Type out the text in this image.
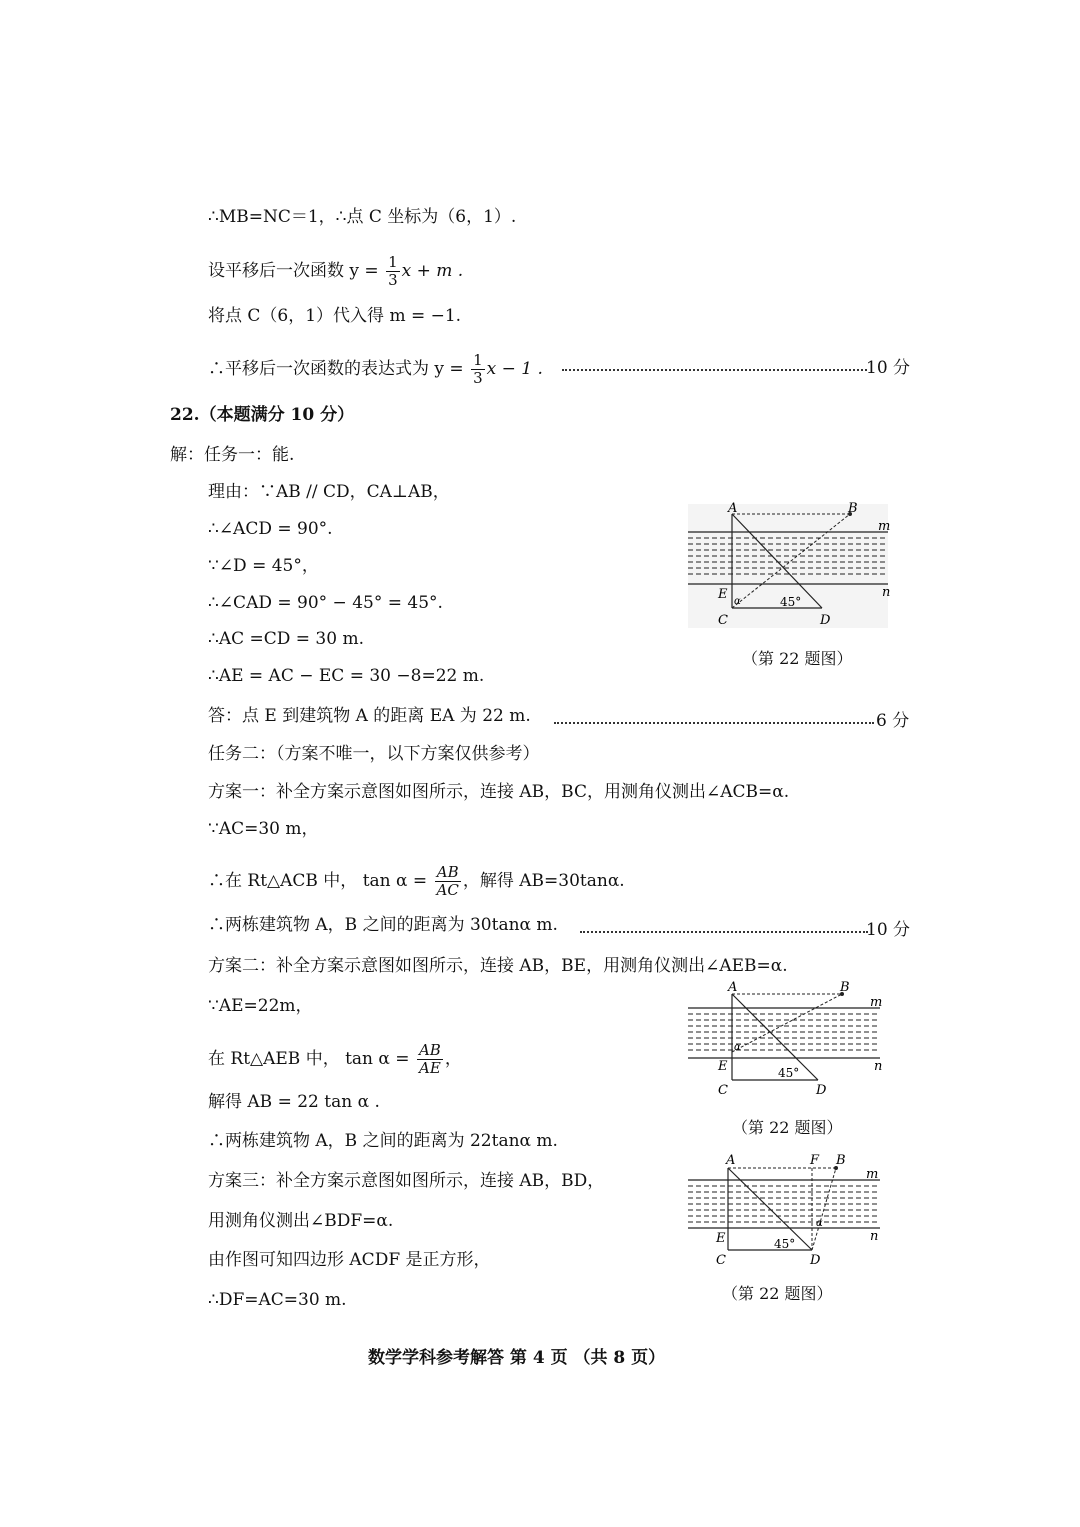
∴MB=NC＝1，∴点 C 坐标为（6，1）.
设平移后一次函数 $y = \frac{1}{3}$ x + m .
将点 C（6，1）代入得 m = −1.
∴平移后一次函数的表达式为 $y = \frac{1}{3}$ x − 1 .	10 分
22.（本题满分 10 分）
解：任务一：能.
理由：∵AB // CD，CA⊥AB，
∴∠ACD = 90°.
∵∠D = 45°，
∴∠CAD = 90° − 45° = 45°.
∴AC =CD = 30 m.
∴AE = AC − EC = 30 −8=22 m.
答：点 E 到建筑物 A 的距离 EA 为 22 m.	6 分
任务二：（方案不唯一，以下方案仅供参考）
方案一：补全方案示意图如图所示，连接 AB，BC，用测角仪测出∠ACB=α.
∵AC=30 m，
∴在 Rt△ACB 中， $\tan \alpha = \frac{AB}{AC}$ ，解得 AB=30tanα.
∴两栋建筑物 A，B 之间的距离为 30tanα m.	10 分
方案二：补全方案示意图如图所示，连接 AB，BE，用测角仪测出∠AEB=α.
∵AE=22m，
在 Rt△AEB 中， $\tan \alpha = \frac{AB}{AE}$ ，
解得 AB = 22 tan α .
∴两栋建筑物 A，B 之间的距离为 22tanα m.
方案三：补全方案示意图如图所示，连接 AB，BD，
用测角仪测出∠BDF=α.
由作图可知四边形 ACDF 是正方形，
∴DF=AC=30 m.
A	B
m
n
E α	45°
C	D
（第 22 题图）
A	B
m
n
α
E	45°
C	D
（第 22 题图）
A	F B
m
n
α
E	45°
C	D
（第 22 题图）
数学学科参考解答 第 4 页 （共 8 页）
